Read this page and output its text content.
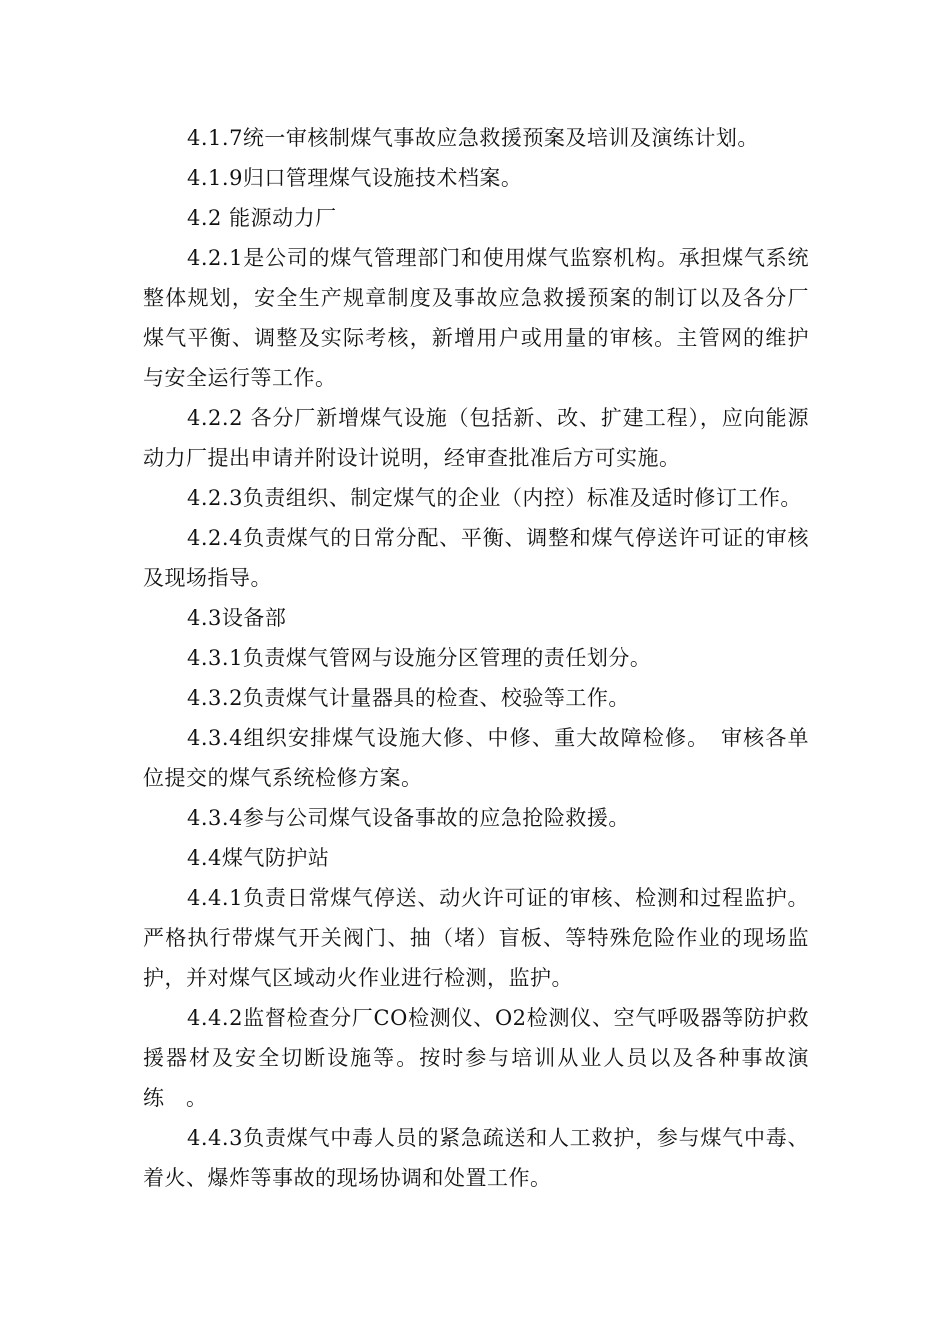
4.1.7统一审核制煤气事故应急救援预案及培训及演练计划。

4.1.9归口管理煤气设施技术档案。

4.2 能源动力厂

4.2.1是公司的煤气管理部门和使用煤气监察机构。承担煤气系统整体规划，安全生产规章制度及事故应急救援预案的制订以及各分厂煤气平衡、调整及实际考核，新增用户或用量的审核。主管网的维护与安全运行等工作。

4.2.2 各分厂新增煤气设施（包括新、改、扩建工程），应向能源动力厂提出申请并附设计说明，经审查批准后方可实施。

4.2.3负责组织、制定煤气的企业（内控）标准及适时修订工作。

4.2.4负责煤气的日常分配、平衡、调整和煤气停送许可证的审核及现场指导。

4.3设备部

4.3.1负责煤气管网与设施分区管理的责任划分。

4.3.2负责煤气计量器具的检查、校验等工作。

4.3.4组织安排煤气设施大修、中修、重大故障检修。　审核各单位提交的煤气系统检修方案。

4.3.4参与公司煤气设备事故的应急抢险救援。

4.4煤气防护站

4.4.1负责日常煤气停送、动火许可证的审核、检测和过程监护。严格执行带煤气开关阀门、抽（堵）盲板、等特殊危险作业的现场监护，并对煤气区域动火作业进行检测，监护。

4.4.2监督检查分厂CO检测仪、O2检测仪、空气呼吸器等防护救援器材及安全切断设施等。按时参与培训从业人员以及各种事故演练　。

4.4.3负责煤气中毒人员的紧急疏送和人工救护，参与煤气中毒、着火、爆炸等事故的现场协调和处置工作。
